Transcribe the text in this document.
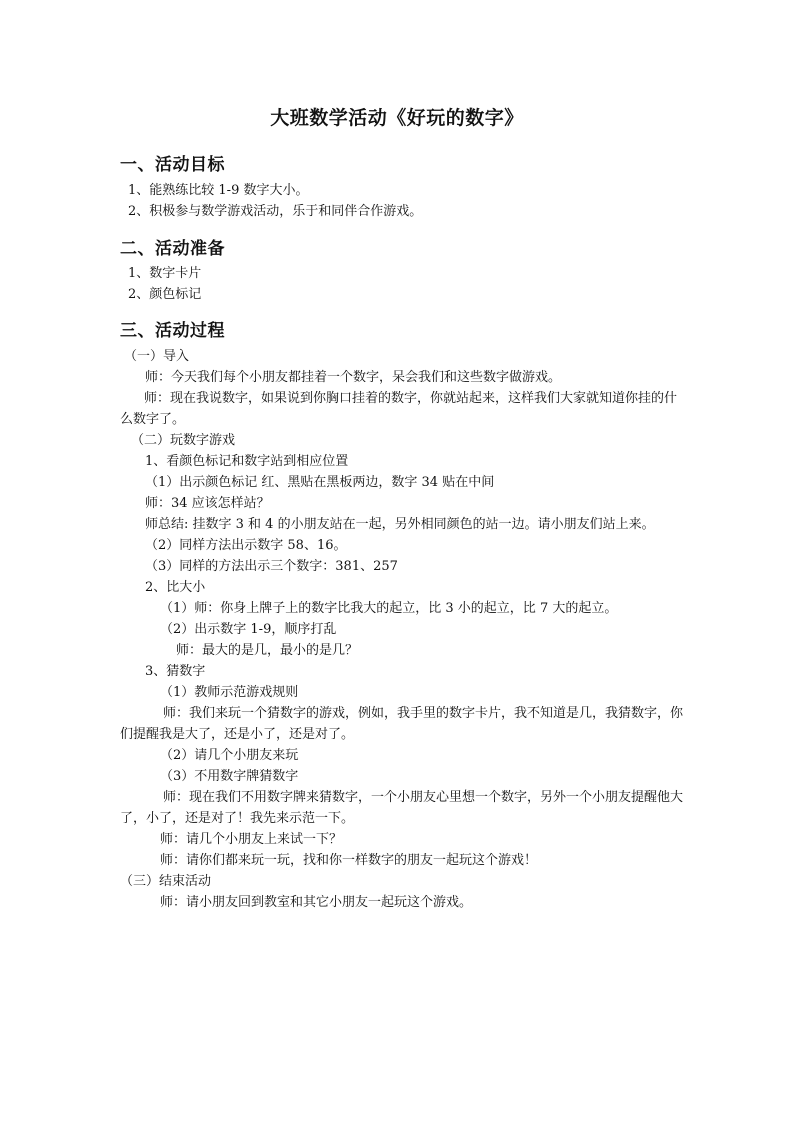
大班数学活动《好玩的数字》
一、活动目标
1、能熟练比较 1-9 数字大小。
2、积极参与数学游戏活动，乐于和同伴合作游戏。
二、活动准备
1、数字卡片
2、颜色标记
三、活动过程
（一）导入
师：今天我们每个小朋友都挂着一个数字，呆会我们和这些数字做游戏。
师：现在我说数字，如果说到你胸口挂着的数字，你就站起来，这样我们大家就知道你挂的什么数字了。
（二）玩数字游戏
1、看颜色标记和数字站到相应位置
（1）出示颜色标记 红、黑贴在黑板两边，数字 34 贴在中间
师：34 应该怎样站？
师总结: 挂数字 3 和 4 的小朋友站在一起，另外相同颜色的站一边。请小朋友们站上来。
（2）同样方法出示数字 58、16。
（3）同样的方法出示三个数字：381、257
2、比大小
（1）师：你身上牌子上的数字比我大的起立，比 3 小的起立，比 7 大的起立。
（2）出示数字 1-9，顺序打乱
师：最大的是几，最小的是几？
3、猜数字
（1）教师示范游戏规则
师：我们来玩一个猜数字的游戏，例如，我手里的数字卡片，我不知道是几，我猜数字，你们提醒我是大了，还是小了，还是对了。
（2）请几个小朋友来玩
（3）不用数字牌猜数字
师：现在我们不用数字牌来猜数字，一个小朋友心里想一个数字，另外一个小朋友提醒他大了，小了，还是对了！我先来示范一下。
师：请几个小朋友上来试一下？
师：请你们都来玩一玩，找和你一样数字的朋友一起玩这个游戏！
（三）结束活动
师：请小朋友回到教室和其它小朋友一起玩这个游戏。
